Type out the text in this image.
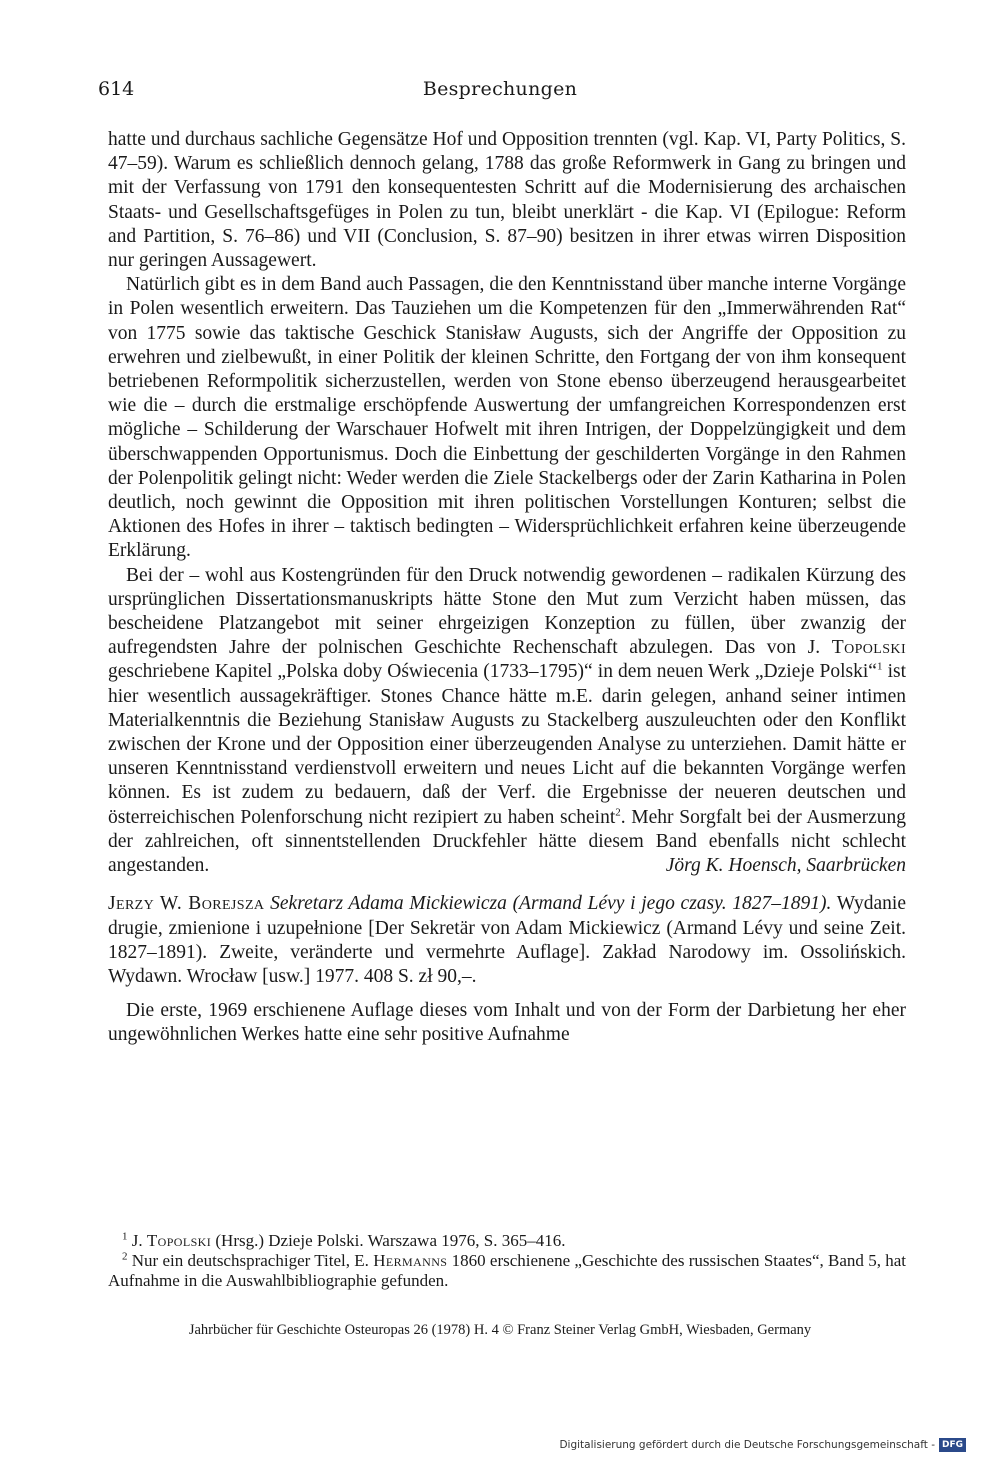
614	Besprechungen

hatte und durchaus sachliche Gegensätze Hof und Opposition trennten (vgl. Kap. VI, Party Politics, S. 47–59). Warum es schließlich dennoch gelang, 1788 das große Reformwerk in Gang zu bringen und mit der Verfassung von 1791 den konsequentesten Schritt auf die Modernisierung des archaischen Staats- und Gesellschaftsgefüges in Polen zu tun, bleibt unerklärt - die Kap. VI (Epilogue: Reform and Partition, S. 76–86) und VII (Conclusion, S. 87–90) besitzen in ihrer etwas wirren Disposition nur geringen Aussagewert.

Natürlich gibt es in dem Band auch Passagen, die den Kenntnisstand über manche interne Vorgänge in Polen wesentlich erweitern. Das Tauziehen um die Kompetenzen für den „Immerwährenden Rat“ von 1775 sowie das taktische Geschick Stanisław Augusts, sich der Angriffe der Opposition zu erwehren und zielbewußt, in einer Politik der kleinen Schritte, den Fortgang der von ihm konsequent betriebenen Reformpolitik sicherzustellen, werden von Stone ebenso überzeugend herausgearbeitet wie die – durch die erstmalige erschöpfende Auswertung der umfangreichen Korrespondenzen erst mögliche – Schilderung der Warschauer Hofwelt mit ihren Intrigen, der Doppelzüngigkeit und dem überschwappenden Opportunismus. Doch die Einbettung der geschilderten Vorgänge in den Rahmen der Polenpolitik gelingt nicht: Weder werden die Ziele Stackelbergs oder der Zarin Katharina in Polen deutlich, noch gewinnt die Opposition mit ihren politischen Vorstellungen Konturen; selbst die Aktionen des Hofes in ihrer – taktisch bedingten – Widersprüchlichkeit erfahren keine überzeugende Erklärung.

Bei der – wohl aus Kostengründen für den Druck notwendig gewordenen – radikalen Kürzung des ursprünglichen Dissertationsmanuskripts hätte Stone den Mut zum Verzicht haben müssen, das bescheidene Platzangebot mit seiner ehrgeizigen Konzeption zu füllen, über zwanzig der aufregendsten Jahre der polnischen Geschichte Rechenschaft abzulegen. Das von J. Topolski geschriebene Kapitel „Polska doby Oświecenia (1733–1795)“ in dem neuen Werk „Dzieje Polski“$^1$ ist hier wesentlich aussagekräftiger. Stones Chance hätte m.E. darin gelegen, anhand seiner intimen Materialkenntnis die Beziehung Stanisław Augusts zu Stackelberg auszuleuchten oder den Konflikt zwischen der Krone und der Opposition einer überzeugenden Analyse zu unterziehen. Damit hätte er unseren Kenntnisstand verdienstvoll erweitern und neues Licht auf die bekannten Vorgänge werfen können. Es ist zudem zu bedauern, daß der Verf. die Ergebnisse der neueren deutschen und österreichischen Polenforschung nicht rezipiert zu haben scheint$^2$. Mehr Sorgfalt bei der Ausmerzung der zahlreichen, oft sinnentstellenden Druckfehler hätte diesem Band ebenfalls nicht schlecht angestanden.	Jörg K. Hoensch, Saarbrücken

Jerzy W. Borejsza Sekretarz Adama Mickiewicza (Armand Lévy i jego czasy. 1827–1891). Wydanie drugie, zmienione i uzupełnione [Der Sekretär von Adam Mickiewicz (Armand Lévy und seine Zeit. 1827–1891). Zweite, veränderte und vermehrte Auflage]. Zakład Narodowy im. Ossolińskich. Wydawn. Wrocław [usw.] 1977. 408 S. zł 90,–.

Die erste, 1969 erschienene Auflage dieses vom Inhalt und von der Form der Darbietung her eher ungewöhnlichen Werkes hatte eine sehr positive Aufnahme

$^1$ J. Topolski (Hrsg.) Dzieje Polski. Warszawa 1976, S. 365–416.

$^2$ Nur ein deutschsprachiger Titel, E. Hermanns 1860 erschienene „Geschichte des russischen Staates“, Band 5, hat Aufnahme in die Auswahlbibliographie gefunden.

Jahrbücher für Geschichte Osteuropas 26 (1978) H. 4 © Franz Steiner Verlag GmbH, Wiesbaden, Germany
Digitalisierung gefördert durch die Deutsche Forschungsgemeinschaft - DFG
